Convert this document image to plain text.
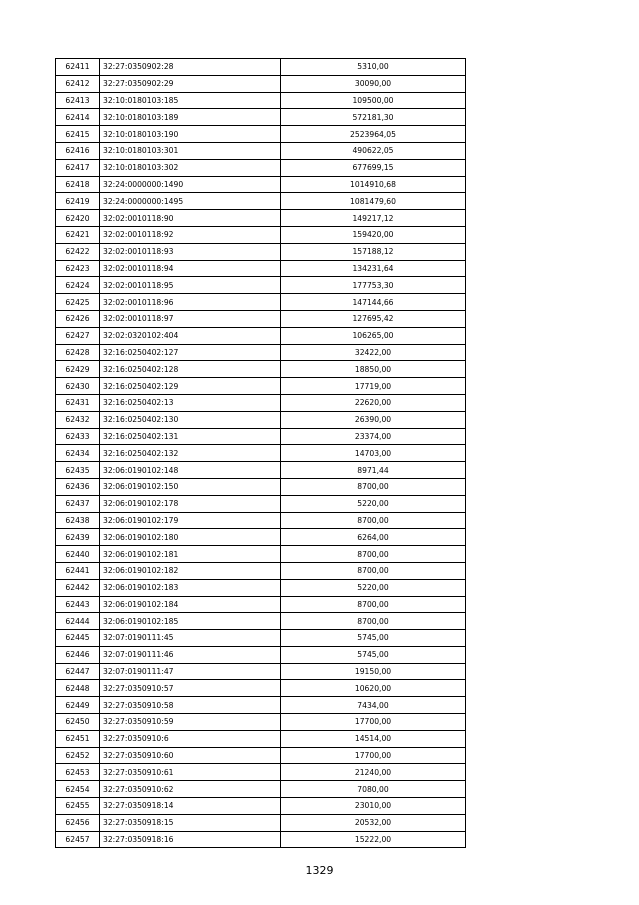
62411	32:27:0350902:28	5310,00
62412	32:27:0350902:29	30090,00
62413	32:10:0180103:185	109500,00
62414	32:10:0180103:189	572181,30
62415	32:10:0180103:190	2523964,05
62416	32:10:0180103:301	490622,05
62417	32:10:0180103:302	677699,15
62418	32:24:0000000:1490	1014910,68
62419	32:24:0000000:1495	1081479,60
62420	32:02:0010118:90	149217,12
62421	32:02:0010118:92	159420,00
62422	32:02:0010118:93	157188,12
62423	32:02:0010118:94	134231,64
62424	32:02:0010118:95	177753,30
62425	32:02:0010118:96	147144,66
62426	32:02:0010118:97	127695,42
62427	32:02:0320102:404	106265,00
62428	32:16:0250402:127	32422,00
62429	32:16:0250402:128	18850,00
62430	32:16:0250402:129	17719,00
62431	32:16:0250402:13	22620,00
62432	32:16:0250402:130	26390,00
62433	32:16:0250402:131	23374,00
62434	32:16:0250402:132	14703,00
62435	32:06:0190102:148	8971,44
62436	32:06:0190102:150	8700,00
62437	32:06:0190102:178	5220,00
62438	32:06:0190102:179	8700,00
62439	32:06:0190102:180	6264,00
62440	32:06:0190102:181	8700,00
62441	32:06:0190102:182	8700,00
62442	32:06:0190102:183	5220,00
62443	32:06:0190102:184	8700,00
62444	32:06:0190102:185	8700,00
62445	32:07:0190111:45	5745,00
62446	32:07:0190111:46	5745,00
62447	32:07:0190111:47	19150,00
62448	32:27:0350910:57	10620,00
62449	32:27:0350910:58	7434,00
62450	32:27:0350910:59	17700,00
62451	32:27:0350910:6	14514,00
62452	32:27:0350910:60	17700,00
62453	32:27:0350910:61	21240,00
62454	32:27:0350910:62	7080,00
62455	32:27:0350918:14	23010,00
62456	32:27:0350918:15	20532,00
62457	32:27:0350918:16	15222,00
1329
